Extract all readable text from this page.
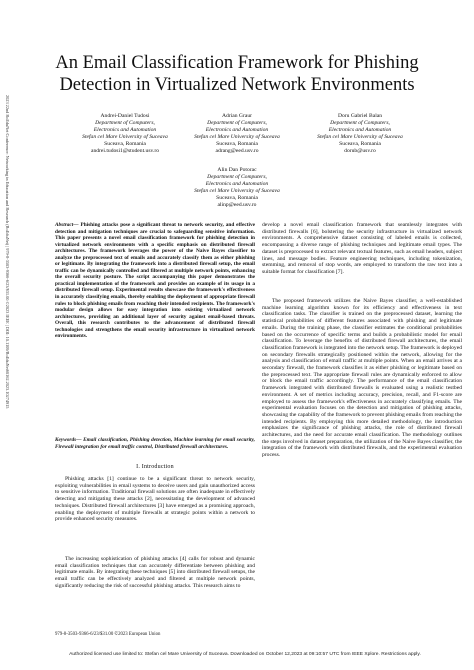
2023 22nd RoEduNet Conference: Networking in Education and Research (RoEduNet) | 979-8-3503-9366-6/23/$31.00 ©2023 IEEE | DOI: 10.1109/RoEduNet60162.2023.10274915
An Email Classification Framework for Phishing Detection in Virtualized Network Environments
Andrei-Daniel Tudosi
Department of Computers,
Electronics and Automation
Stefan cel Mare University of Suceava
Suceava, Romania
andrei.tudosi1@student.usv.ro
Adrian Graur
Department of Computers,
Electronics and Automation
Stefan cel Mare University of Suceava
Suceava, Romania
adrang@eed.usv.ro
Doru Gabriel Balan
Department of Computers,
Electronics and Automation
Stefan cel Mare University of Suceava
Suceava, Romania
dorub@usv.ro
Alin Dan Potorac
Department of Computers,
Electronics and Automation
Stefan cel Mare University of Suceava
Suceava, Romania
alinp@eed.usv.ro
Abstract— Phishing attacks pose a significant threat to network security, and effective detection and mitigation techniques are crucial to safeguarding sensitive information. This paper presents a novel email classification framework for phishing detection in virtualized network environments with a specific emphasis on distributed firewall architectures. The framework leverages the power of the Naive Bayes classifier to analyze the preprocessed text of emails and accurately classify them as either phishing or legitimate. By integrating the framework into a distributed firewall setup, the email traffic can be dynamically controlled and filtered at multiple network points, enhancing the overall security posture. The script accompanying this paper demonstrates the practical implementation of the framework and provides an example of its usage in a distributed firewall setup. Experimental results showcase the framework's effectiveness in accurately classifying emails, thereby enabling the deployment of appropriate firewall rules to block phishing emails from reaching their intended recipients. The framework's modular design allows for easy integration into existing virtualized network architectures, providing an additional layer of security against email-based threats. Overall, this research contributes to the advancement of distributed firewall technologies and strengthens the email security infrastructure in virtualized network environments.
Keywords— Email classification, Phishing detection, Machine learning for email security, Firewall integration for email traffic control, Distributed firewall architectures.
I. Introduction
Phishing attacks [1] continue to be a significant threat to network security, exploiting vulnerabilities in email systems to deceive users and gain unauthorized access to sensitive information. Traditional firewall solutions are often inadequate in effectively detecting and mitigating these attacks [2], necessitating the development of advanced techniques. Distributed firewall architectures [3] have emerged as a promising approach, enabling the deployment of multiple firewalls at strategic points within a network to provide enhanced security measures.
The increasing sophistication of phishing attacks [4] calls for robust and dynamic email classification techniques that can accurately differentiate between phishing and legitimate emails. By integrating these techniques [5] into distributed firewall setups, the email traffic can be effectively analyzed and filtered at multiple network points, significantly reducing the risk of successful phishing attacks. This research aims to
develop a novel email classification framework that seamlessly integrates with distributed firewalls [6], bolstering the security infrastructure in virtualized network environments. A comprehensive dataset consisting of labeled emails is collected, encompassing a diverse range of phishing techniques and legitimate email types. The dataset is preprocessed to extract relevant textual features, such as email headers, subject lines, and message bodies. Feature engineering techniques, including tokenization, stemming, and removal of stop words, are employed to transform the raw text into a suitable format for classification [7].
The proposed framework utilizes the Naive Bayes classifier, a well-established machine learning algorithm known for its efficiency and effectiveness in text classification tasks. The classifier is trained on the preprocessed dataset, learning the statistical probabilities of different features associated with phishing and legitimate emails. During the training phase, the classifier estimates the conditional probabilities based on the occurrence of specific terms and builds a probabilistic model for email classification. To leverage the benefits of distributed firewall architectures, the email classification framework is integrated into the network setup. The framework is deployed on secondary firewalls strategically positioned within the network, allowing for the analysis and classification of email traffic at multiple points. When an email arrives at a secondary firewall, the framework classifies it as either phishing or legitimate based on the preprocessed text. The appropriate firewall rules are dynamically enforced to allow or block the email traffic accordingly. The performance of the email classification framework integrated with distributed firewalls is evaluated using a realistic testbed environment. A set of metrics including accuracy, precision, recall, and F1-score are employed to assess the framework's effectiveness in accurately classifying emails. The experimental evaluation focuses on the detection and mitigation of phishing attacks, showcasing the capability of the framework to prevent phishing emails from reaching the intended recipients. By employing this more detailed methodology, the introduction emphasizes the significance of phishing attacks, the role of distributed firewall architectures, and the need for accurate email classification. The methodology outlines the steps involved in dataset preparation, the utilization of the Naive Bayes classifier, the integration of the framework with distributed firewalls, and the experimental evaluation process.
979-8-3503-9366-6/23/$31.00 ©2023 European Union
Authorized licensed use limited to: Stefan cel Mare University of Suceava. Downloaded on October 12,2023 at 09:10:57 UTC from IEEE Xplore. Restrictions apply.
